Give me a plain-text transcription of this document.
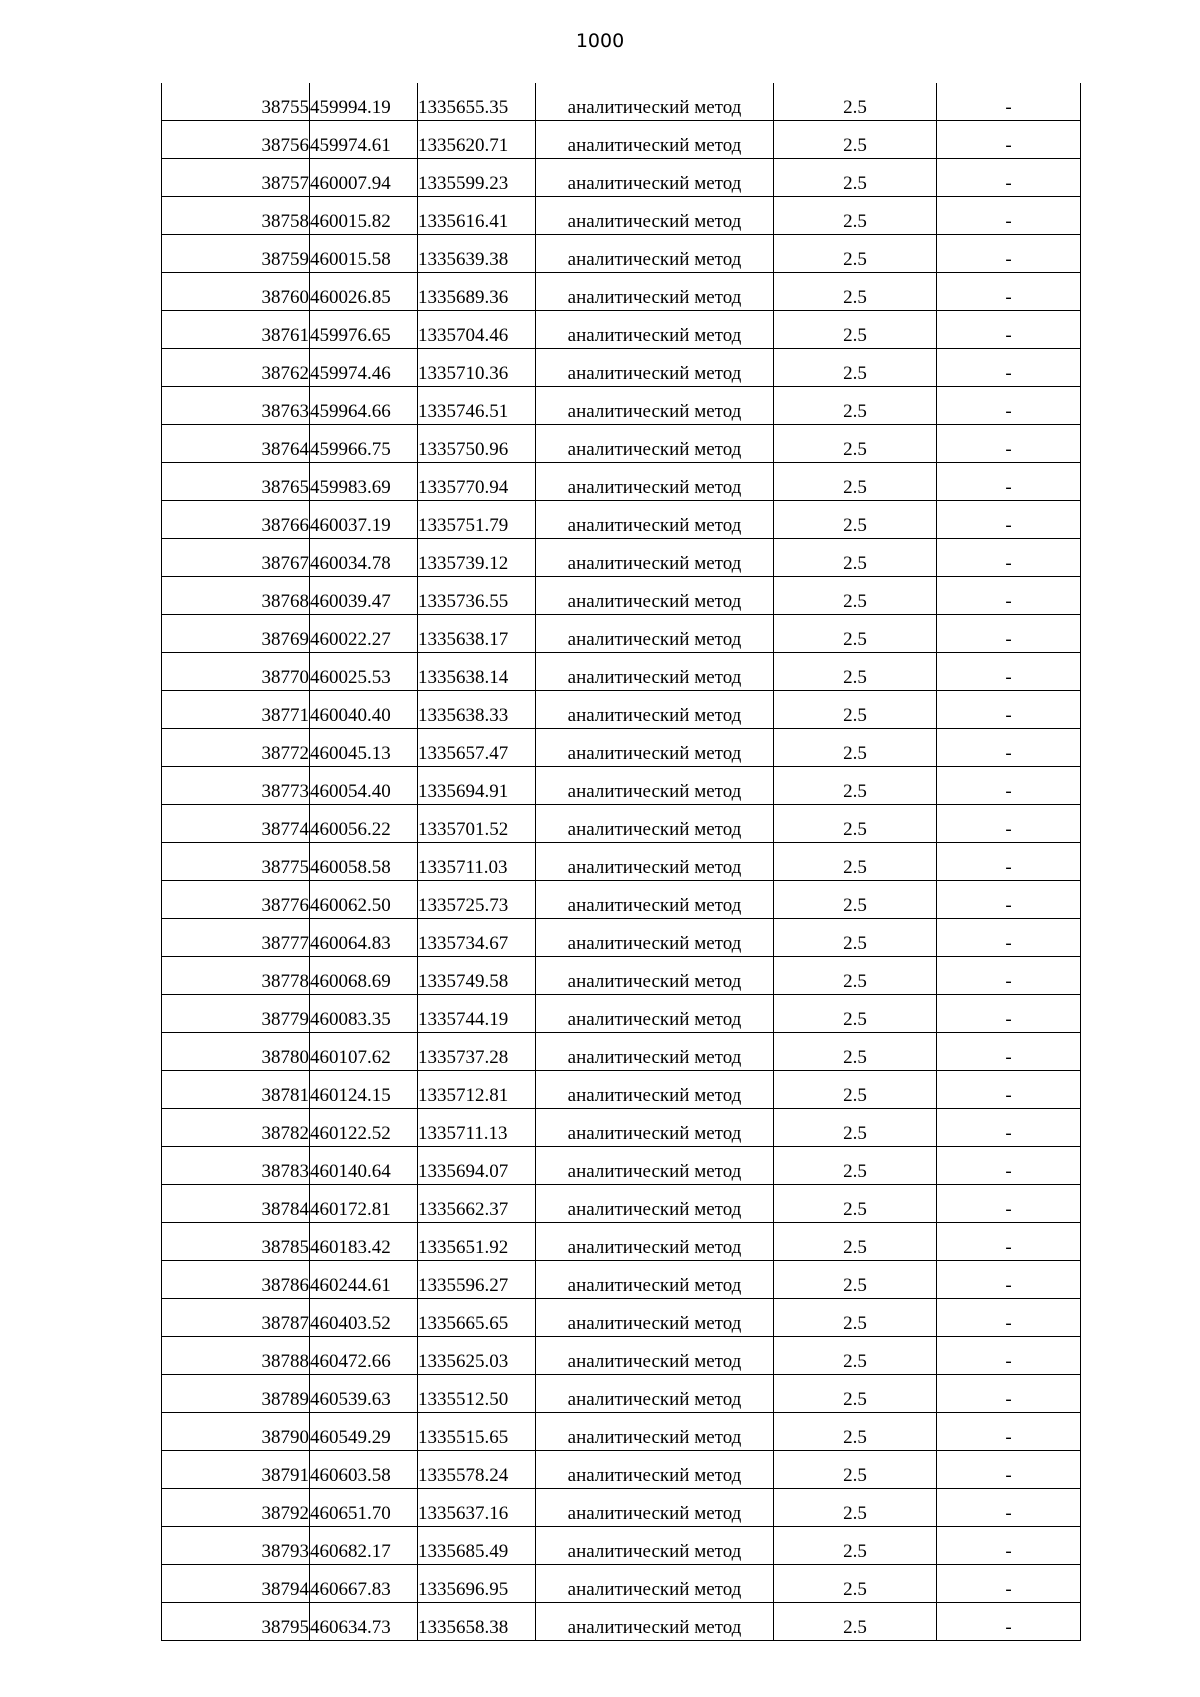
1000
38755	459994.19	1335655.35	аналитический метод	2.5	-
38756	459974.61	1335620.71	аналитический метод	2.5	-
38757	460007.94	1335599.23	аналитический метод	2.5	-
38758	460015.82	1335616.41	аналитический метод	2.5	-
38759	460015.58	1335639.38	аналитический метод	2.5	-
38760	460026.85	1335689.36	аналитический метод	2.5	-
38761	459976.65	1335704.46	аналитический метод	2.5	-
38762	459974.46	1335710.36	аналитический метод	2.5	-
38763	459964.66	1335746.51	аналитический метод	2.5	-
38764	459966.75	1335750.96	аналитический метод	2.5	-
38765	459983.69	1335770.94	аналитический метод	2.5	-
38766	460037.19	1335751.79	аналитический метод	2.5	-
38767	460034.78	1335739.12	аналитический метод	2.5	-
38768	460039.47	1335736.55	аналитический метод	2.5	-
38769	460022.27	1335638.17	аналитический метод	2.5	-
38770	460025.53	1335638.14	аналитический метод	2.5	-
38771	460040.40	1335638.33	аналитический метод	2.5	-
38772	460045.13	1335657.47	аналитический метод	2.5	-
38773	460054.40	1335694.91	аналитический метод	2.5	-
38774	460056.22	1335701.52	аналитический метод	2.5	-
38775	460058.58	1335711.03	аналитический метод	2.5	-
38776	460062.50	1335725.73	аналитический метод	2.5	-
38777	460064.83	1335734.67	аналитический метод	2.5	-
38778	460068.69	1335749.58	аналитический метод	2.5	-
38779	460083.35	1335744.19	аналитический метод	2.5	-
38780	460107.62	1335737.28	аналитический метод	2.5	-
38781	460124.15	1335712.81	аналитический метод	2.5	-
38782	460122.52	1335711.13	аналитический метод	2.5	-
38783	460140.64	1335694.07	аналитический метод	2.5	-
38784	460172.81	1335662.37	аналитический метод	2.5	-
38785	460183.42	1335651.92	аналитический метод	2.5	-
38786	460244.61	1335596.27	аналитический метод	2.5	-
38787	460403.52	1335665.65	аналитический метод	2.5	-
38788	460472.66	1335625.03	аналитический метод	2.5	-
38789	460539.63	1335512.50	аналитический метод	2.5	-
38790	460549.29	1335515.65	аналитический метод	2.5	-
38791	460603.58	1335578.24	аналитический метод	2.5	-
38792	460651.70	1335637.16	аналитический метод	2.5	-
38793	460682.17	1335685.49	аналитический метод	2.5	-
38794	460667.83	1335696.95	аналитический метод	2.5	-
38795	460634.73	1335658.38	аналитический метод	2.5	-
